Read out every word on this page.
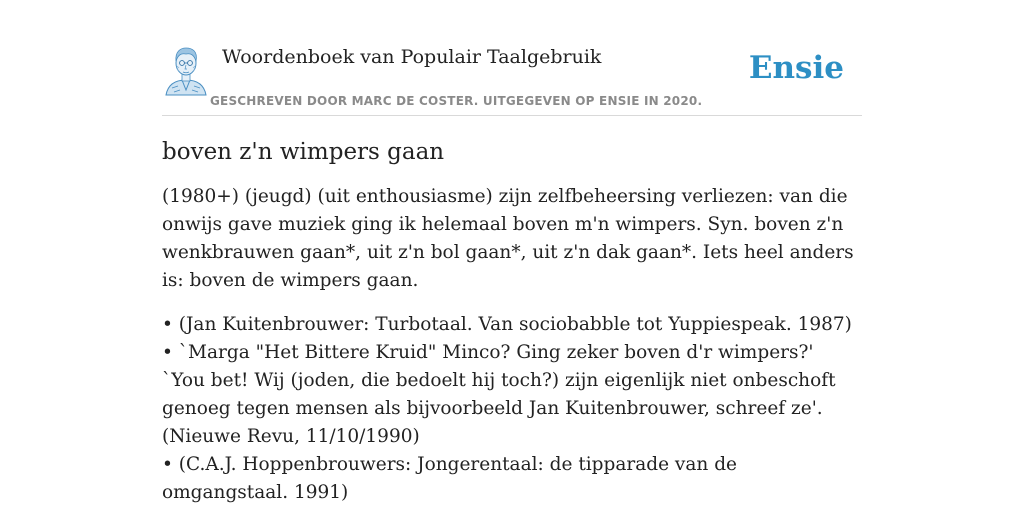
Woordenboek van Populair Taalgebruik
GESCHREVEN DOOR MARC DE COSTER. UITGEGEVEN OP ENSIE IN 2020.
Ensie
boven z'n wimpers gaan

(1980+) (jeugd) (uit enthousiasme) zijn zelfbeheersing verliezen: van die onwijs gave muziek ging ik helemaal boven m'n wimpers. Syn. boven z'n wenkbrauwen gaan*, uit z'n bol gaan*, uit z'n dak gaan*. Iets heel anders is: boven de wimpers gaan.

• (Jan Kuitenbrouwer: Turbotaal. Van sociobabble tot Yuppiespeak. 1987)
• `Marga "Het Bittere Kruid" Minco? Ging zeker boven d'r wimpers?'
`You bet! Wij (joden, die bedoelt hij toch?) zijn eigenlijk niet onbeschoft genoeg tegen mensen als bijvoorbeeld Jan Kuitenbrouwer, schreef ze'. (Nieuwe Revu, 11/10/1990)
• (C.A.J. Hoppenbrouwers: Jongerentaal: de tipparade van de omgangstaal. 1991)
